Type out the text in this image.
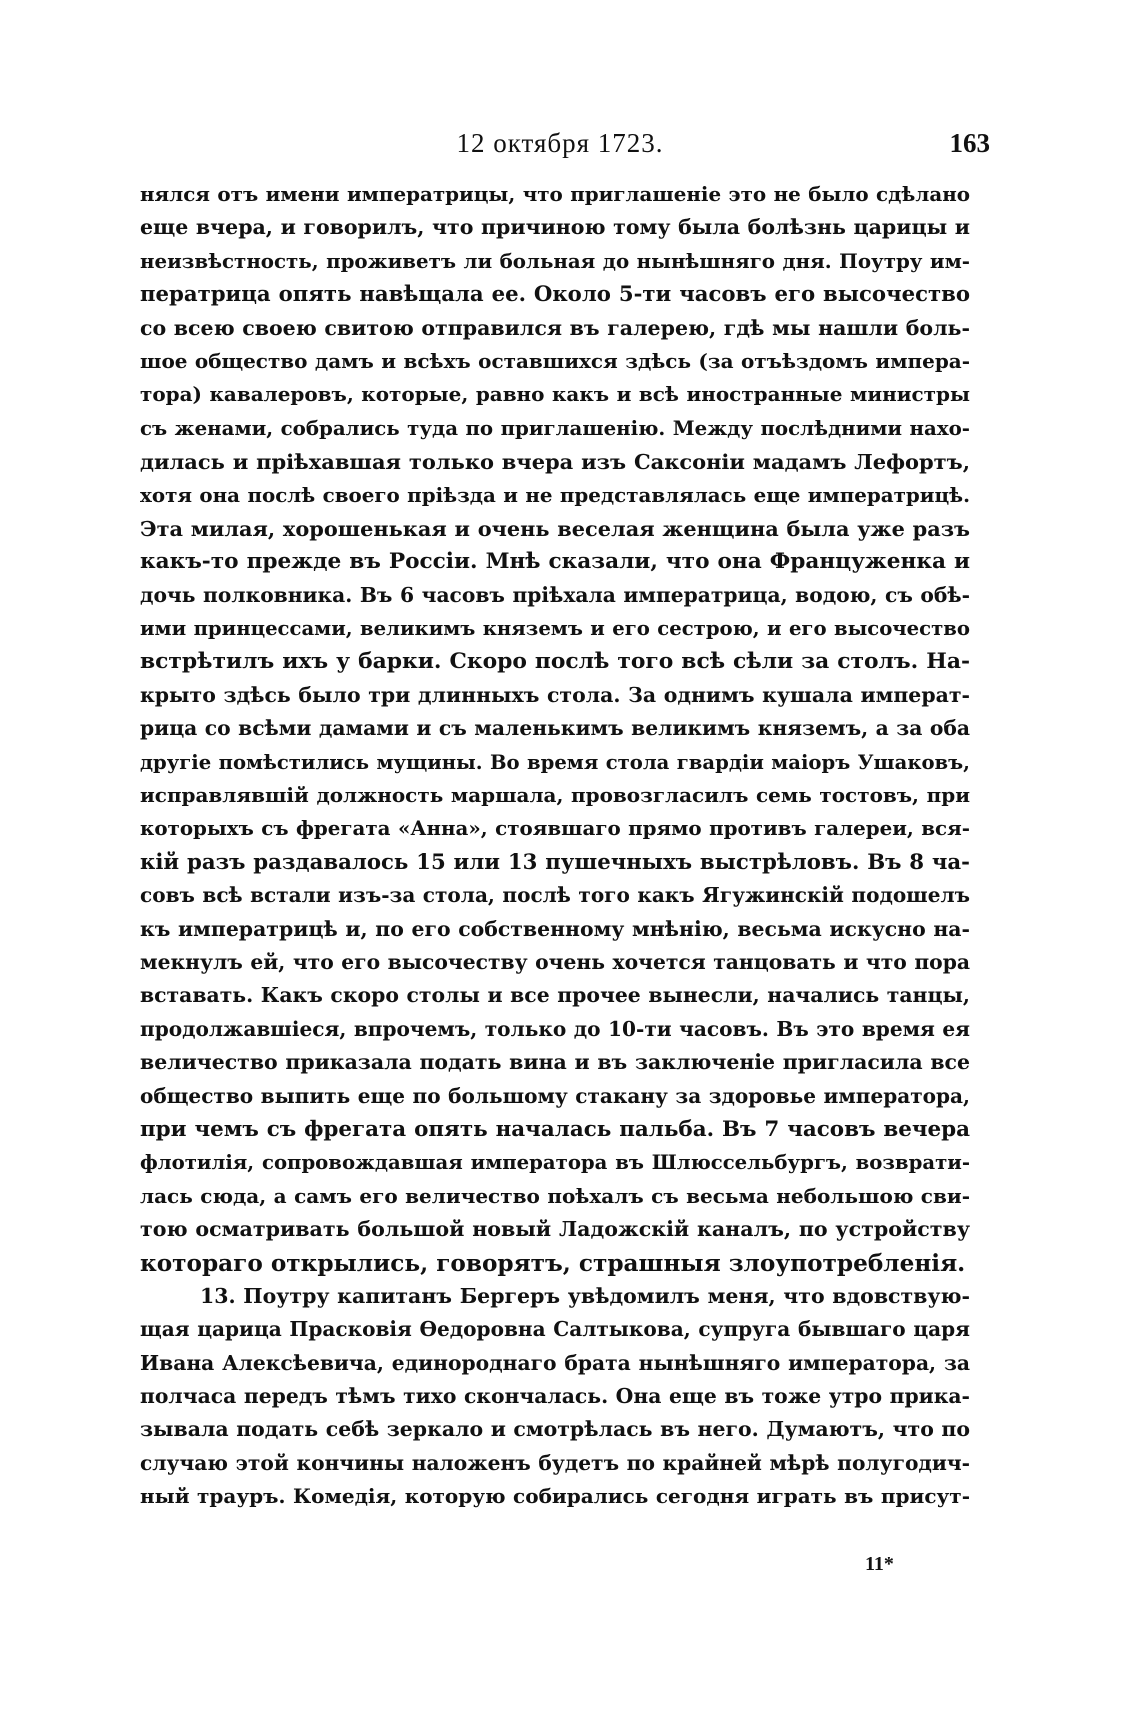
12 октября 1723.	163
нялся отъ имени императрицы, что приглашеніе это не было сдѣлано
еще вчера, и говорилъ, что причиною тому была болѣзнь царицы и
неизвѣстность, проживетъ ли больная до нынѣшняго дня. Поутру им-
ператрица опять навѣщала ее. Около 5-ти часовъ его высочество
со всею своею свитою отправился въ галерею, гдѣ мы нашли боль-
шое общество дамъ и всѣхъ оставшихся здѣсь (за отъѣздомъ импера-
тора) кавалеровъ, которые, равно какъ и всѣ иностранные министры
съ женами, собрались туда по приглашенію. Между послѣдними нахо-
дилась и пріѣхавшая только вчера изъ Саксоніи мадамъ Лефортъ,
хотя она послѣ своего пріѣзда и не представлялась еще императрицѣ.
Эта милая, хорошенькая и очень веселая женщина была уже разъ
какъ-то прежде въ Россіи. Мнѣ сказали, что она Француженка и
дочь полковника. Въ 6 часовъ пріѣхала императрица, водою, съ обѣ-
ими принцессами, великимъ княземъ и его сестрою, и его высочество
встрѣтилъ ихъ у барки. Скоро послѣ того всѣ сѣли за столъ. На-
крыто здѣсь было три длинныхъ стола. За однимъ кушала императ-
рица со всѣми дамами и съ маленькимъ великимъ княземъ, а за оба
другіе помѣстились мущины. Во время стола гвардіи маіоръ Ушаковъ,
исправлявшій должность маршала, провозгласилъ семь тостовъ, при
которыхъ съ фрегата «Анна», стоявшаго прямо противъ галереи, вся-
кій разъ раздавалось 15 или 13 пушечныхъ выстрѣловъ. Въ 8 ча-
совъ всѣ встали изъ-за стола, послѣ того какъ Ягужинскій подошелъ
къ императрицѣ и, по его собственному мнѣнію, весьма искусно на-
мекнулъ ей, что его высочеству очень хочется танцовать и что пора
вставать. Какъ скоро столы и все прочее вынесли, начались танцы,
продолжавшіеся, впрочемъ, только до 10-ти часовъ. Въ это время ея
величество приказала подать вина и въ заключеніе пригласила все
общество выпить еще по большому стакану за здоровье императора,
при чемъ съ фрегата опять началась пальба. Въ 7 часовъ вечера
флотилія, сопровождавшая императора въ Шлюссельбургъ, возврати-
лась сюда, а самъ его величество поѣхалъ съ весьма небольшою сви-
тою осматривать большой новый Ладожскій каналъ, по устройству
котораго открылись, говорятъ, страшныя злоупотребленія.
13. Поутру капитанъ Бергеръ увѣдомилъ меня, что вдовствую-
щая царица Прасковія Ѳедоровна Салтыкова, супруга бывшаго царя
Ивана Алексѣевича, единороднаго брата нынѣшняго императора, за
полчаса передъ тѣмъ тихо скончалась. Она еще въ тоже утро прика-
зывала подать себѣ зеркало и смотрѣлась въ него. Думаютъ, что по
случаю этой кончины наложенъ будетъ по крайней мѣрѣ полугодич-
ный трауръ. Комедія, которую собирались сегодня играть въ присут-
11*
